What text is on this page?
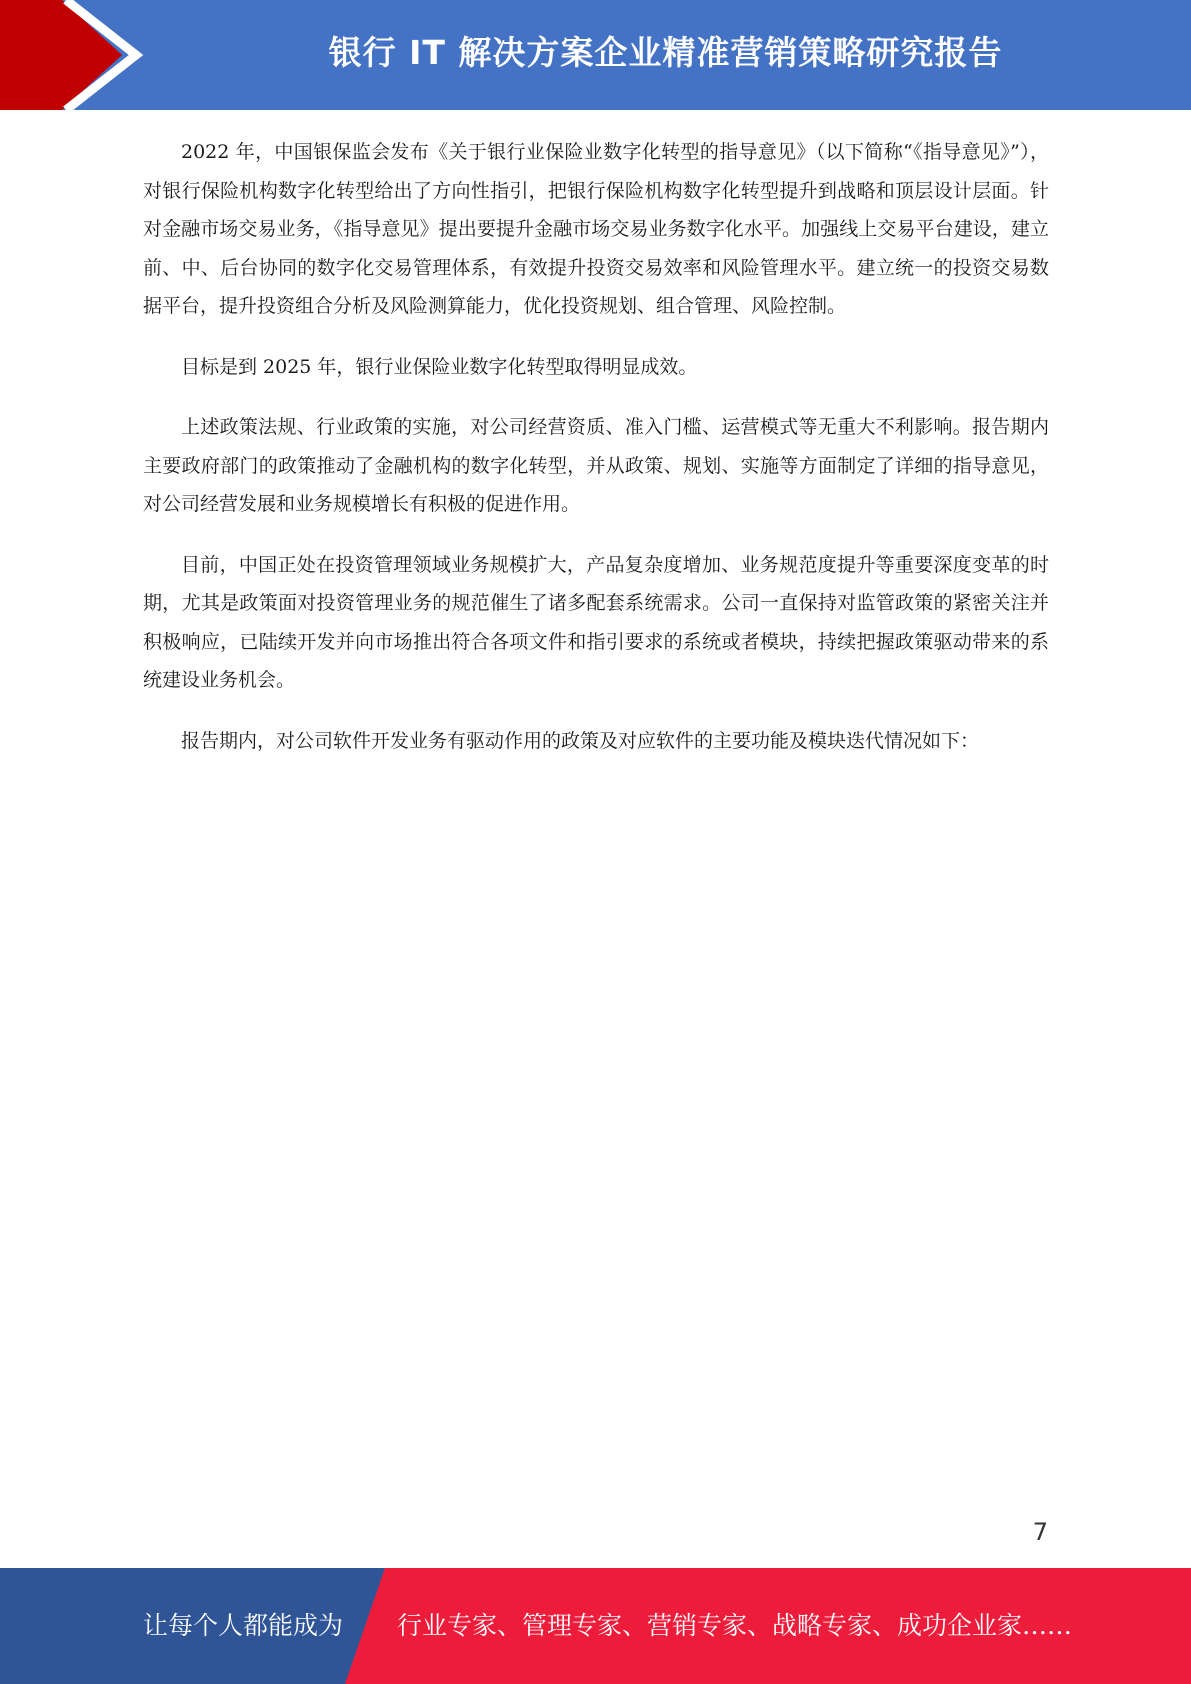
银行 IT 解决方案企业精准营销策略研究报告

2022 年，中国银保监会发布《关于银行业保险业数字化转型的指导意见》（以下简称“《指导意见》”），对银行保险机构数字化转型给出了方向性指引，把银行保险机构数字化转型提升到战略和顶层设计层面。针对金融市场交易业务，《指导意见》提出要提升金融市场交易业务数字化水平。加强线上交易平台建设，建立前、中、后台协同的数字化交易管理体系，有效提升投资交易效率和风险管理水平。建立统一的投资交易数据平台，提升投资组合分析及风险测算能力，优化投资规划、组合管理、风险控制。

目标是到 2025 年，银行业保险业数字化转型取得明显成效。

上述政策法规、行业政策的实施，对公司经营资质、准入门槛、运营模式等无重大不利影响。报告期内主要政府部门的政策推动了金融机构的数字化转型，并从政策、规划、实施等方面制定了详细的指导意见，对公司经营发展和业务规模增长有积极的促进作用。

目前，中国正处在投资管理领域业务规模扩大，产品复杂度增加、业务规范度提升等重要深度变革的时期，尤其是政策面对投资管理业务的规范催生了诸多配套系统需求。公司一直保持对监管政策的紧密关注并积极响应，已陆续开发并向市场推出符合各项文件和指引要求的系统或者模块，持续把握政策驱动带来的系统建设业务机会。

报告期内，对公司软件开发业务有驱动作用的政策及对应软件的主要功能及模块迭代情况如下：

7
让每个人都能成为 行业专家、管理专家、营销专家、战略专家、成功企业家……
